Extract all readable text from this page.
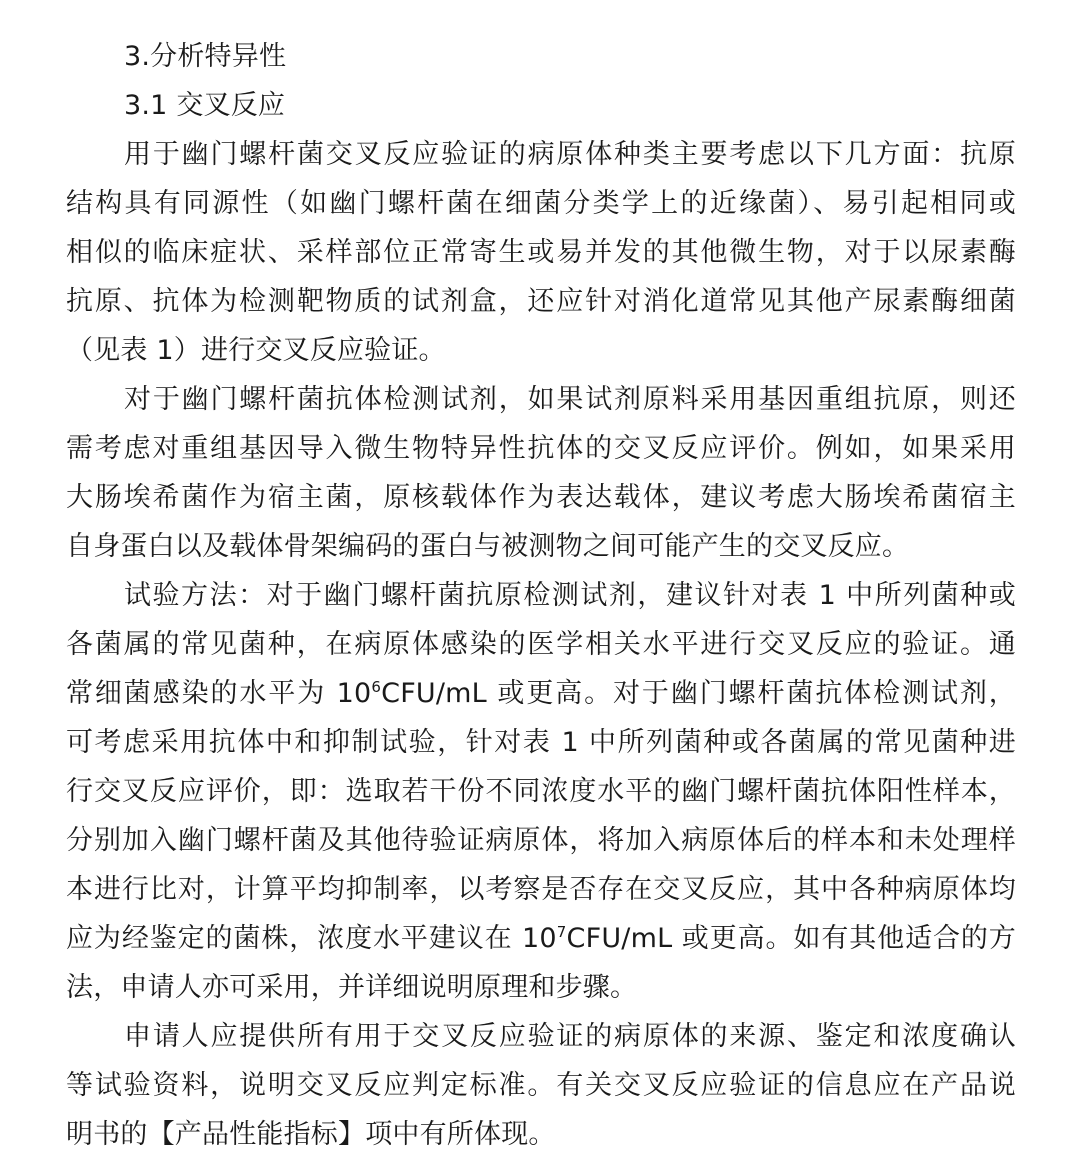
3.分析特异性
3.1 交叉反应
用于幽门螺杆菌交叉反应验证的病原体种类主要考虑以下几方面：抗原
结构具有同源性（如幽门螺杆菌在细菌分类学上的近缘菌）、易引起相同或
相似的临床症状、采样部位正常寄生或易并发的其他微生物，对于以尿素酶
抗原、抗体为检测靶物质的试剂盒，还应针对消化道常见其他产尿素酶细菌
（见表 1）进行交叉反应验证。
对于幽门螺杆菌抗体检测试剂，如果试剂原料采用基因重组抗原，则还
需考虑对重组基因导入微生物特异性抗体的交叉反应评价。例如，如果采用
大肠埃希菌作为宿主菌，原核载体作为表达载体，建议考虑大肠埃希菌宿主
自身蛋白以及载体骨架编码的蛋白与被测物之间可能产生的交叉反应。
试验方法：对于幽门螺杆菌抗原检测试剂，建议针对表 1 中所列菌种或
各菌属的常见菌种，在病原体感染的医学相关水平进行交叉反应的验证。通
常细菌感染的水平为 $10^6CFU/mL$ 或更高。对于幽门螺杆菌抗体检测试剂，
可考虑采用抗体中和抑制试验，针对表 1 中所列菌种或各菌属的常见菌种进
行交叉反应评价，即：选取若干份不同浓度水平的幽门螺杆菌抗体阳性样本，
分别加入幽门螺杆菌及其他待验证病原体，将加入病原体后的样本和未处理样
本进行比对，计算平均抑制率，以考察是否存在交叉反应，其中各种病原体均
应为经鉴定的菌株，浓度水平建议在 $10^7CFU/mL$ 或更高。如有其他适合的方
法，申请人亦可采用，并详细说明原理和步骤。
申请人应提供所有用于交叉反应验证的病原体的来源、鉴定和浓度确认
等试验资料，说明交叉反应判定标准。有关交叉反应验证的信息应在产品说
明书的【产品性能指标】项中有所体现。
